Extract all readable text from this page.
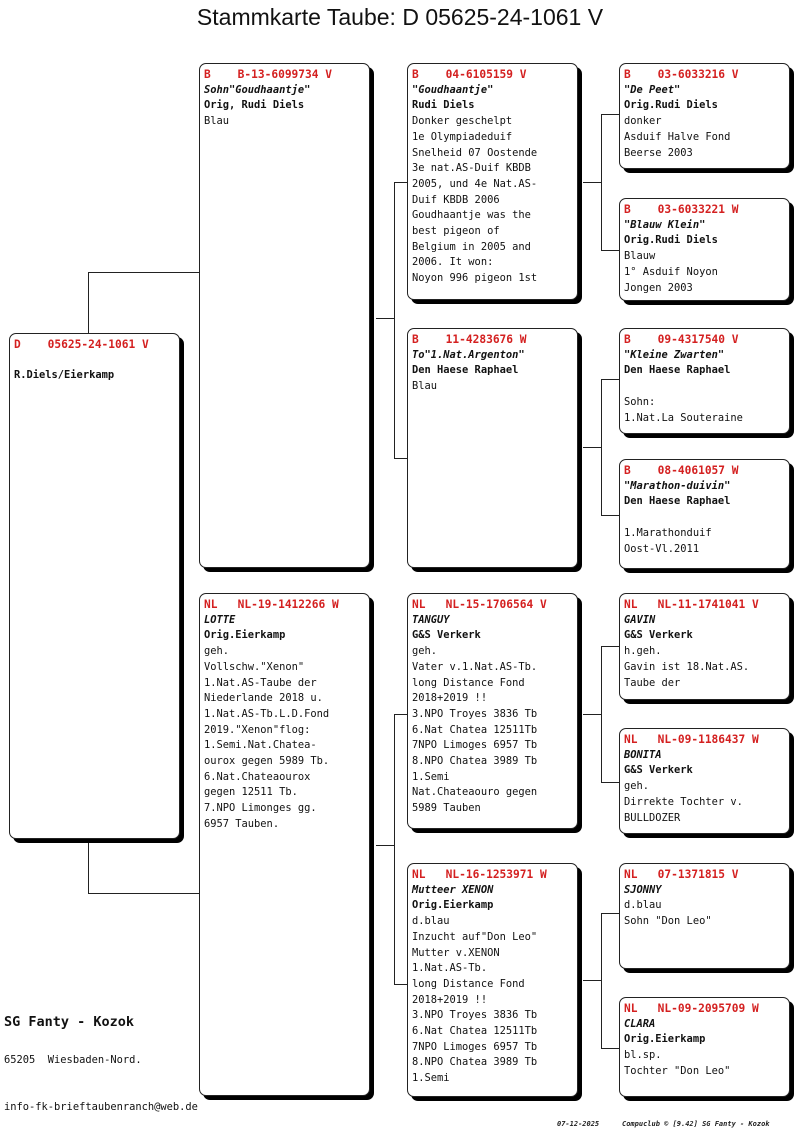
Stammkarte Taube: D 05625-24-1061 V
D    05625-24-1061 V
R.Diels/Eierkamp
B    B-13-6099734 V
Sohn"Goudhaantje"
Orig, Rudi Diels
Blau
NL   NL-19-1412266 W
LOTTE
Orig.Eierkamp
geh.
Vollschw."Xenon"
1.Nat.AS-Taube der
Niederlande 2018 u.
1.Nat.AS-Tb.L.D.Fond
2019."Xenon"flog:
1.Semi.Nat.Chatea-
ourox gegen 5989 Tb.
6.Nat.Chateaourox
gegen 12511 Tb.
7.NPO Limonges gg.
6957 Tauben.
B    04-6105159 V
"Goudhaantje"
Rudi Diels
Donker geschelpt
1e Olympiadeduif
Snelheid 07 Oostende
3e nat.AS-Duif KBDB
2005, und 4e Nat.AS-
Duif KBDB 2006
Goudhaantje was the
best pigeon of
Belgium in 2005 and
2006. It won:
Noyon 996 pigeon 1st
B    11-4283676 W
To"1.Nat.Argenton"
Den Haese Raphael
Blau
NL   NL-15-1706564 V
TANGUY
G&S Verkerk
geh.
Vater v.1.Nat.AS-Tb.
long Distance Fond
2018+2019 !!
3.NPO Troyes 3836 Tb
6.Nat Chatea 12511Tb
7NPO Limoges 6957 Tb
8.NPO Chatea 3989 Tb
1.Semi
Nat.Chateaouro gegen
5989 Tauben
NL   NL-16-1253971 W
Mutteer XENON
Orig.Eierkamp
d.blau
Inzucht auf"Don Leo"
Mutter v.XENON
1.Nat.AS-Tb.
long Distance Fond
2018+2019 !!
3.NPO Troyes 3836 Tb
6.Nat Chatea 12511Tb
7NPO Limoges 6957 Tb
8.NPO Chatea 3989 Tb
1.Semi
B    03-6033216 V
"De Peet"
Orig.Rudi Diels
donker
Asduif Halve Fond
Beerse 2003
B    03-6033221 W
"Blauw Klein"
Orig.Rudi Diels
Blauw
1° Asduif Noyon
Jongen 2003
B    09-4317540 V
"Kleine Zwarten"
Den Haese Raphael
Sohn:
1.Nat.La Souteraine
B    08-4061057 W
"Marathon-duivin"
Den Haese Raphael
1.Marathonduif
Oost-Vl.2011
NL   NL-11-1741041 V
GAVIN
G&S Verkerk
h.geh.
Gavin ist 18.Nat.AS.
Taube der
NL   NL-09-1186437 W
BONITA
G&S Verkerk
geh.
Dirrekte Tochter v.
BULLDOZER
NL   07-1371815 V
SJONNY
d.blau
Sohn "Don Leo"
NL   NL-09-2095709 W
CLARA
Orig.Eierkamp
bl.sp.
Tochter "Don Leo"
SG Fanty - Kozok
65205  Wiesbaden-Nord.
info-fk-brieftaubenranch@web.de
07-12-2025	Compuclub © [9.42] SG Fanty - Kozok
